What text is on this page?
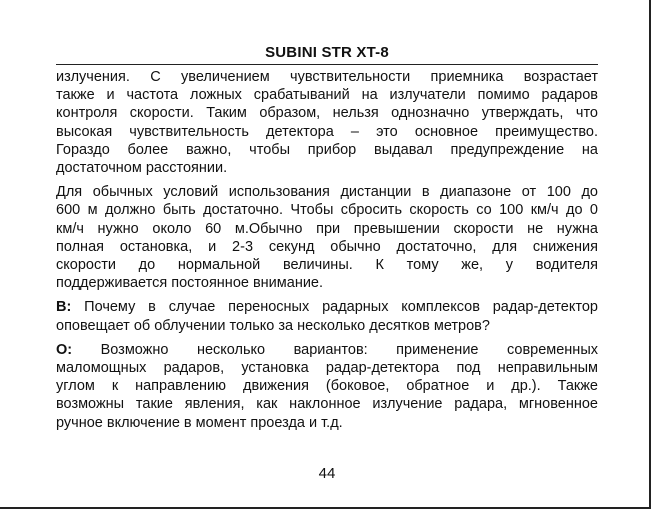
SUBINI STR XT-8
излучения. С увеличением чувствительности приемника возрастает
также и частота ложных срабатываний на излучатели помимо радаров
контроля скорости. Таким образом, нельзя однозначно утверждать, что
высокая чувствительность детектора – это основное преимущество.
Гораздо более важно, чтобы прибор выдавал предупреждение на
достаточном расстоянии.
Для обычных условий использования дистанции в диапазоне от 100 до
600 м должно быть достаточно. Чтобы сбросить скорость со 100 км/ч до 0
км/ч нужно около 60 м.Обычно при превышении скорости не нужна
полная остановка, и 2-3 секунд обычно достаточно, для снижения
скорости до нормальной величины. К тому же, у водителя
поддерживается постоянное внимание.
В: Почему в случае переносных радарных комплексов радар-детектор
оповещает об облучении только за несколько десятков метров?
О: Возможно несколько вариантов: применение современных
маломощных радаров, установка радар-детектора под неправильным
углом к направлению движения (боковое, обратное и др.). Также
возможны такие явления, как наклонное излучение радара, мгновенное
ручное включение в момент проезда и т.д.
44
